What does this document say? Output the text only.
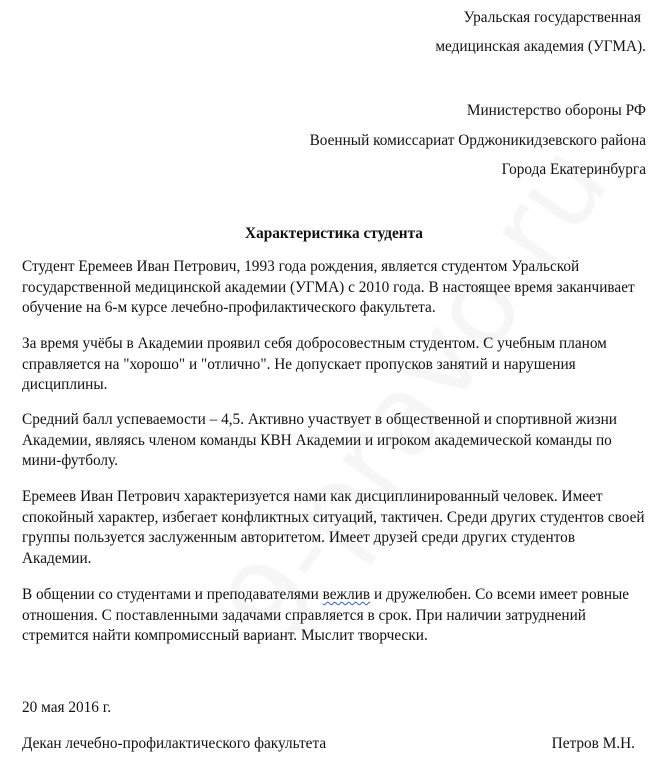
Уральская государственная
медицинская академия (УГМА).
Министерство обороны РФ
Военный комиссариат Орджоникидзевского района
Города Екатеринбурга
Характеристика студента

Студент Еремеев Иван Петрович, 1993 года рождения, является студентом Уральской государственной медицинской академии (УГМА) с 2010 года. В настоящее время заканчивает обучение на 6-м курсе лечебно-профилактического факультета.

За время учёбы в Академии проявил себя добросовестным студентом. С учебным планом справляется на "хорошо" и "отлично". Не допускает пропусков занятий и нарушения дисциплины.

Средний балл успеваемости – 4,5. Активно участвует в общественной и спортивной жизни Академии, являясь членом команды КВН Академии и игроком академической команды по мини-футболу.

Еремеев Иван Петрович характеризуется нами как дисциплинированный человек. Имеет спокойный характер, избегает конфликтных ситуаций, тактичен. Среди других студентов своей группы пользуется заслуженным авторитетом. Имеет друзей среди других студентов Академии.

В общении со студентами и преподавателями вежлив и дружелюбен. Со всеми имеет ровные отношения. С поставленными задачами справляется в срок. При наличии затруднений стремится найти компромиссный вариант. Мыслит творчески.

20 мая 2016 г.
Декан лечебно-профилактического факультета	Петров М.Н.
